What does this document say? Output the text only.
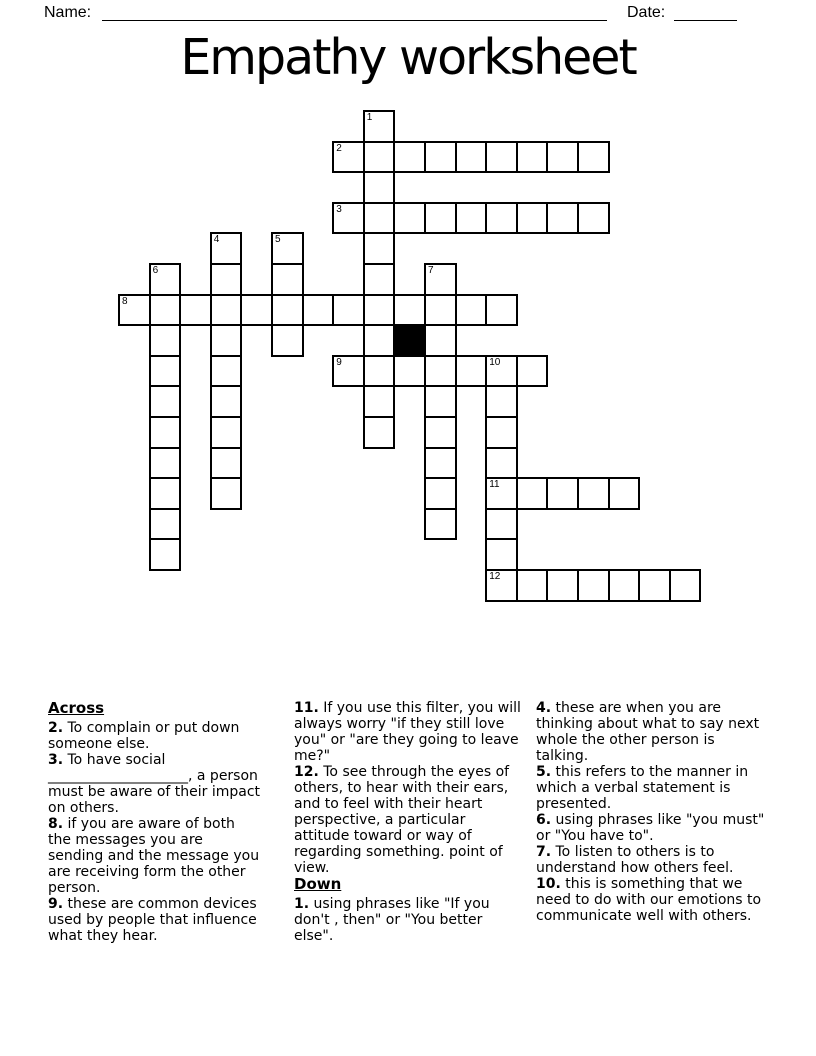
Name:	Date:
Empathy worksheet
2
3
8
9	10
11
12
1
4	5
6	7

Across

2. To complain or put down someone else.

3. To have social ____________________, a person must be aware of their impact on others.

8. if you are aware of both the messages you are sending and the message you are receiving form the other person.

9. these are common devices used by people that influence what they hear.

11. If you use this filter, you will always worry "if they still love you" or "are they going to leave me?"

12. To see through the eyes of others, to hear with their ears, and to feel with their heart perspective, a particular attitude toward or way of regarding something. point of view.

Down

1. using phrases like "If you don't , then" or "You better else".

4. these are when you are thinking about what to say next whole the other person is talking.

5. this refers to the manner in which a verbal statement is presented.

6. using phrases like "you must" or "You have to".

7. To listen to others is to understand how others feel.

10. this is something that we need to do with our emotions to communicate well with others.
